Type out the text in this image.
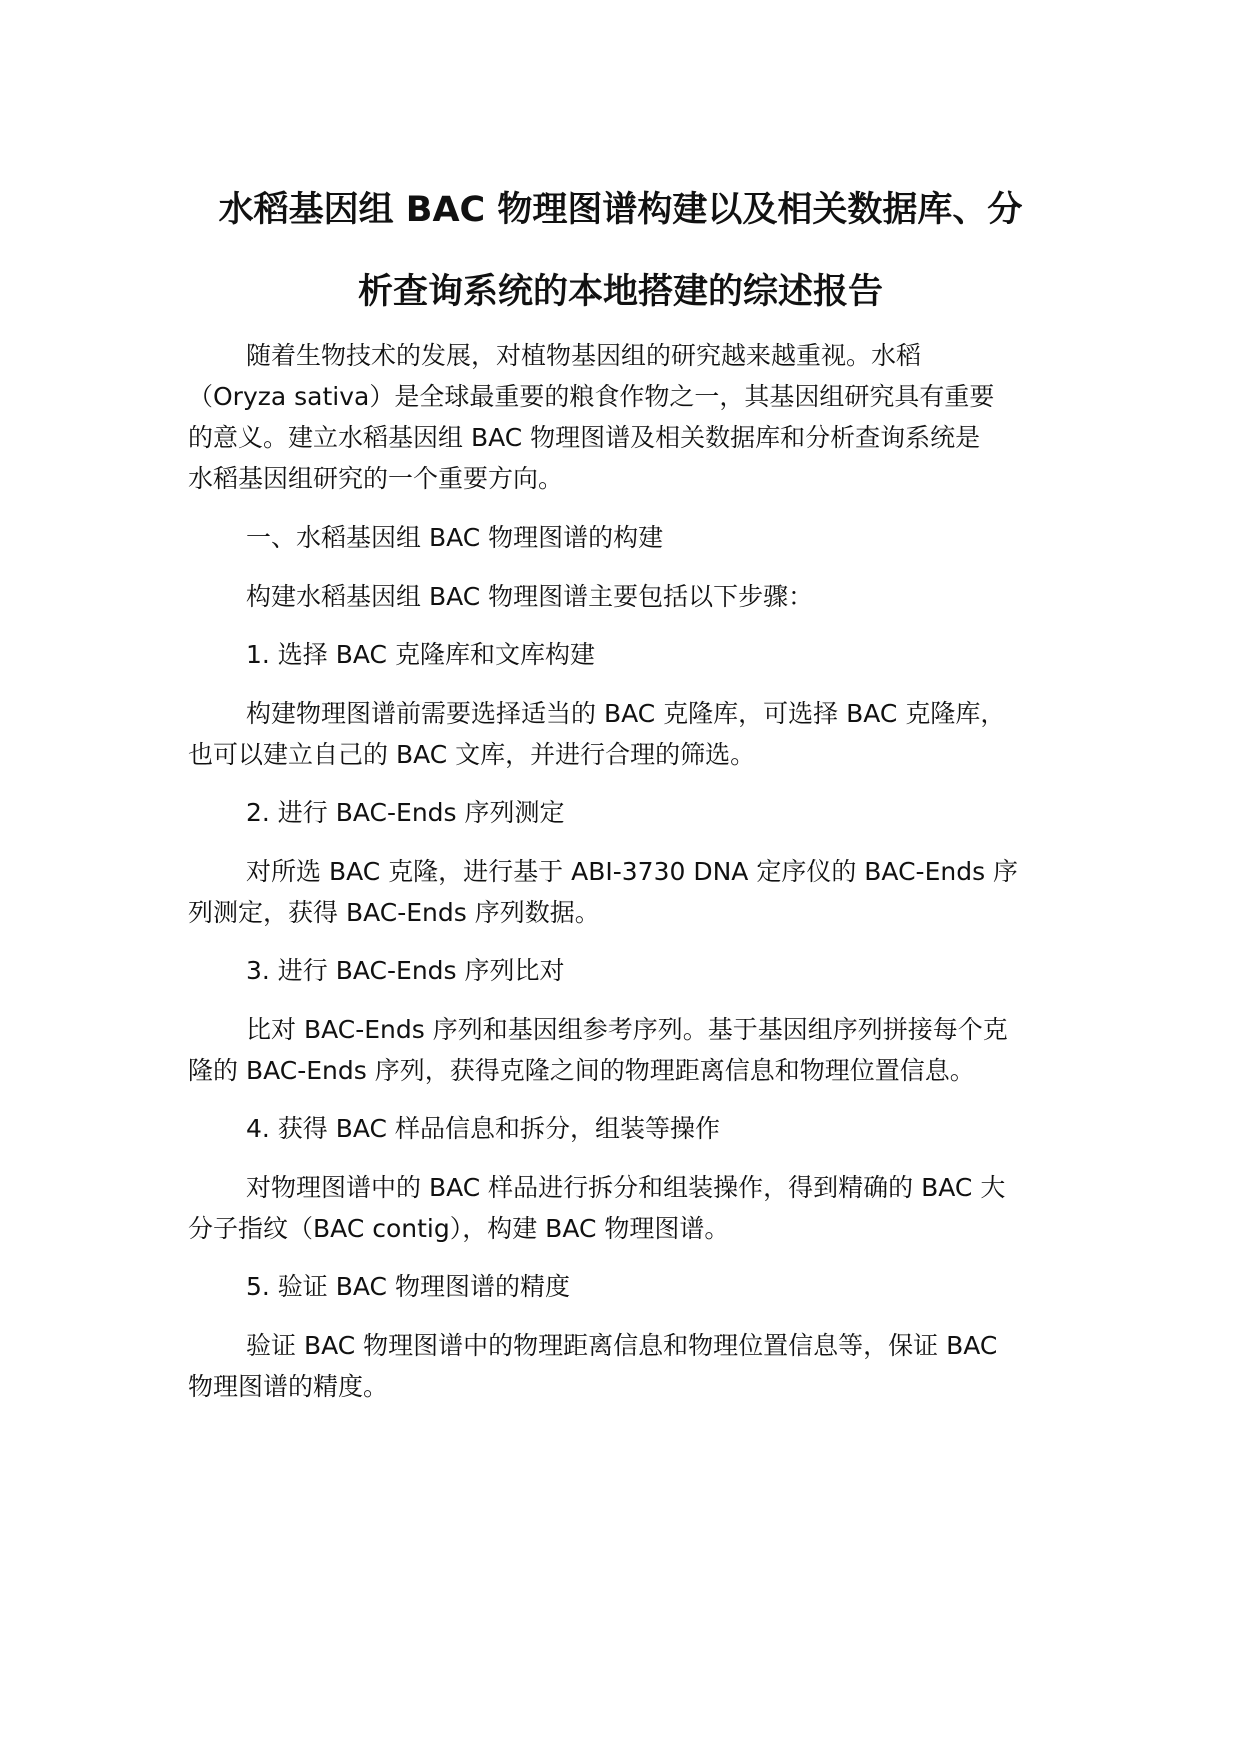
水稻基因组 BAC 物理图谱构建以及相关数据库、分
析查询系统的本地搭建的综述报告
随着生物技术的发展，对植物基因组的研究越来越重视。水稻
（Oryza sativa）是全球最重要的粮食作物之一，其基因组研究具有重要
的意义。建立水稻基因组 BAC 物理图谱及相关数据库和分析查询系统是
水稻基因组研究的一个重要方向。
一、水稻基因组 BAC 物理图谱的构建
构建水稻基因组 BAC 物理图谱主要包括以下步骤：
1. 选择 BAC 克隆库和文库构建
构建物理图谱前需要选择适当的 BAC 克隆库，可选择 BAC 克隆库，
也可以建立自己的 BAC 文库，并进行合理的筛选。
2. 进行 BAC-Ends 序列测定
对所选 BAC 克隆，进行基于 ABI-3730 DNA 定序仪的 BAC-Ends 序
列测定，获得 BAC-Ends 序列数据。
3. 进行 BAC-Ends 序列比对
比对 BAC-Ends 序列和基因组参考序列。基于基因组序列拼接每个克
隆的 BAC-Ends 序列，获得克隆之间的物理距离信息和物理位置信息。
4. 获得 BAC 样品信息和拆分，组装等操作
对物理图谱中的 BAC 样品进行拆分和组装操作，得到精确的 BAC 大
分子指纹（BAC contig），构建 BAC 物理图谱。
5. 验证 BAC 物理图谱的精度
验证 BAC 物理图谱中的物理距离信息和物理位置信息等，保证 BAC
物理图谱的精度。
